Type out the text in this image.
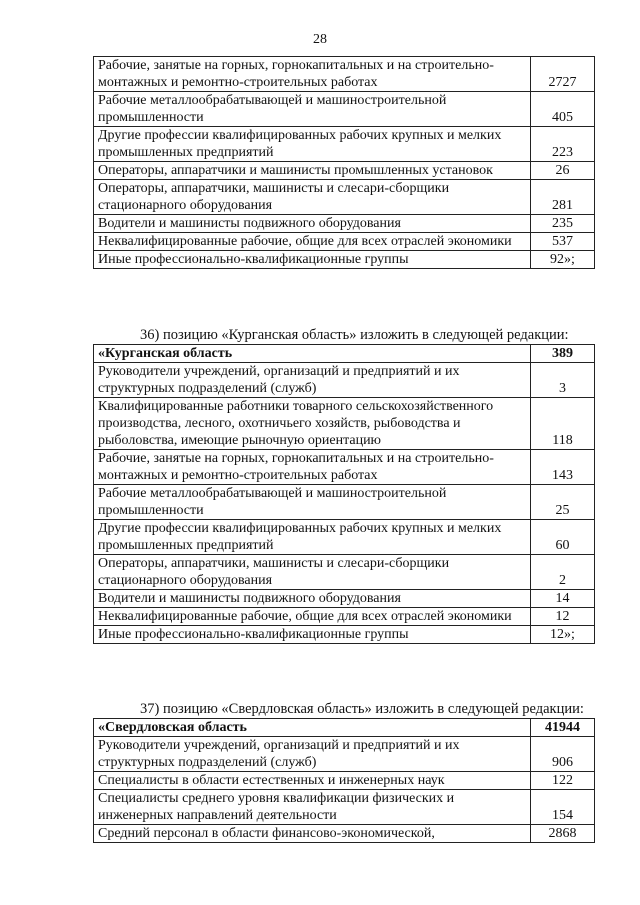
28
Рабочие, занятые на горных, горнокапитальных и на строительно-монтажных и ремонтно-строительных работах	2727
Рабочие металлообрабатывающей и машиностроительной промышленности	405
Другие профессии квалифицированных рабочих крупных и мелких промышленных предприятий	223
Операторы, аппаратчики и машинисты промышленных установок	26
Операторы, аппаратчики, машинисты и слесари-сборщики стационарного оборудования	281
Водители и машинисты подвижного оборудования	235
Неквалифицированные рабочие, общие для всех отраслей экономики	537
Иные профессионально-квалификационные группы	92»;
36) позицию «Курганская область» изложить в следующей редакции:
«Курганская область	389
Руководители учреждений, организаций и предприятий и их структурных подразделений (служб)	3
Квалифицированные работники товарного сельскохозяйственного производства, лесного, охотничьего хозяйств, рыбоводства и рыболовства, имеющие рыночную ориентацию	118
Рабочие, занятые на горных, горнокапитальных и на строительно-монтажных и ремонтно-строительных работах	143
Рабочие металлообрабатывающей и машиностроительной промышленности	25
Другие профессии квалифицированных рабочих крупных и мелких промышленных предприятий	60
Операторы, аппаратчики, машинисты и слесари-сборщики стационарного оборудования	2
Водители и машинисты подвижного оборудования	14
Неквалифицированные рабочие, общие для всех отраслей экономики	12
Иные профессионально-квалификационные группы	12»;
37) позицию «Свердловская область» изложить в следующей редакции:
«Свердловская область	41944
Руководители учреждений, организаций и предприятий и их структурных подразделений (служб)	906
Специалисты в области естественных и инженерных наук	122
Специалисты среднего уровня квалификации физических и инженерных направлений деятельности	154
Средний персонал в области финансово-экономической,	2868
